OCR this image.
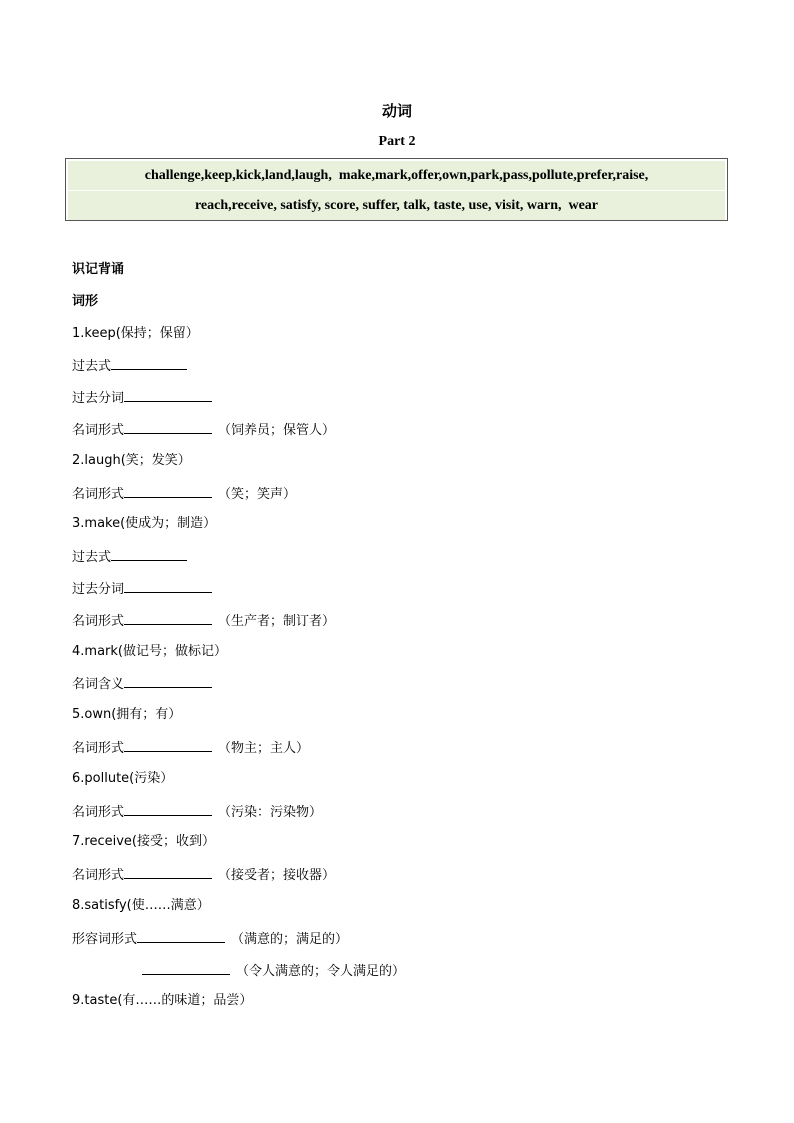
动词
Part 2
challenge,keep,kick,land,laugh,  make,mark,offer,own,park,pass,pollute,prefer,raise,
reach,receive, satisfy, score, suffer, talk, taste, use, visit, warn,  wear
识记背诵
词形
1.keep(保持；保留）
过去式
过去分词
名词形式	（饲养员；保管人）
2.laugh(笑；发笑）
名词形式	（笑；笑声）
3.make(使成为；制造）
过去式
过去分词
名词形式	（生产者；制订者）
4.mark(做记号；做标记）
名词含义
5.own(拥有；有）
名词形式	（物主；主人）
6.pollute(污染）
名词形式	（污染：污染物）
7.receive(接受；收到）
名词形式	（接受者；接收器）
8.satisfy(使……满意）
形容词形式	（满意的；满足的）
（令人满意的；令人满足的）
9.taste(有……的味道；品尝）
